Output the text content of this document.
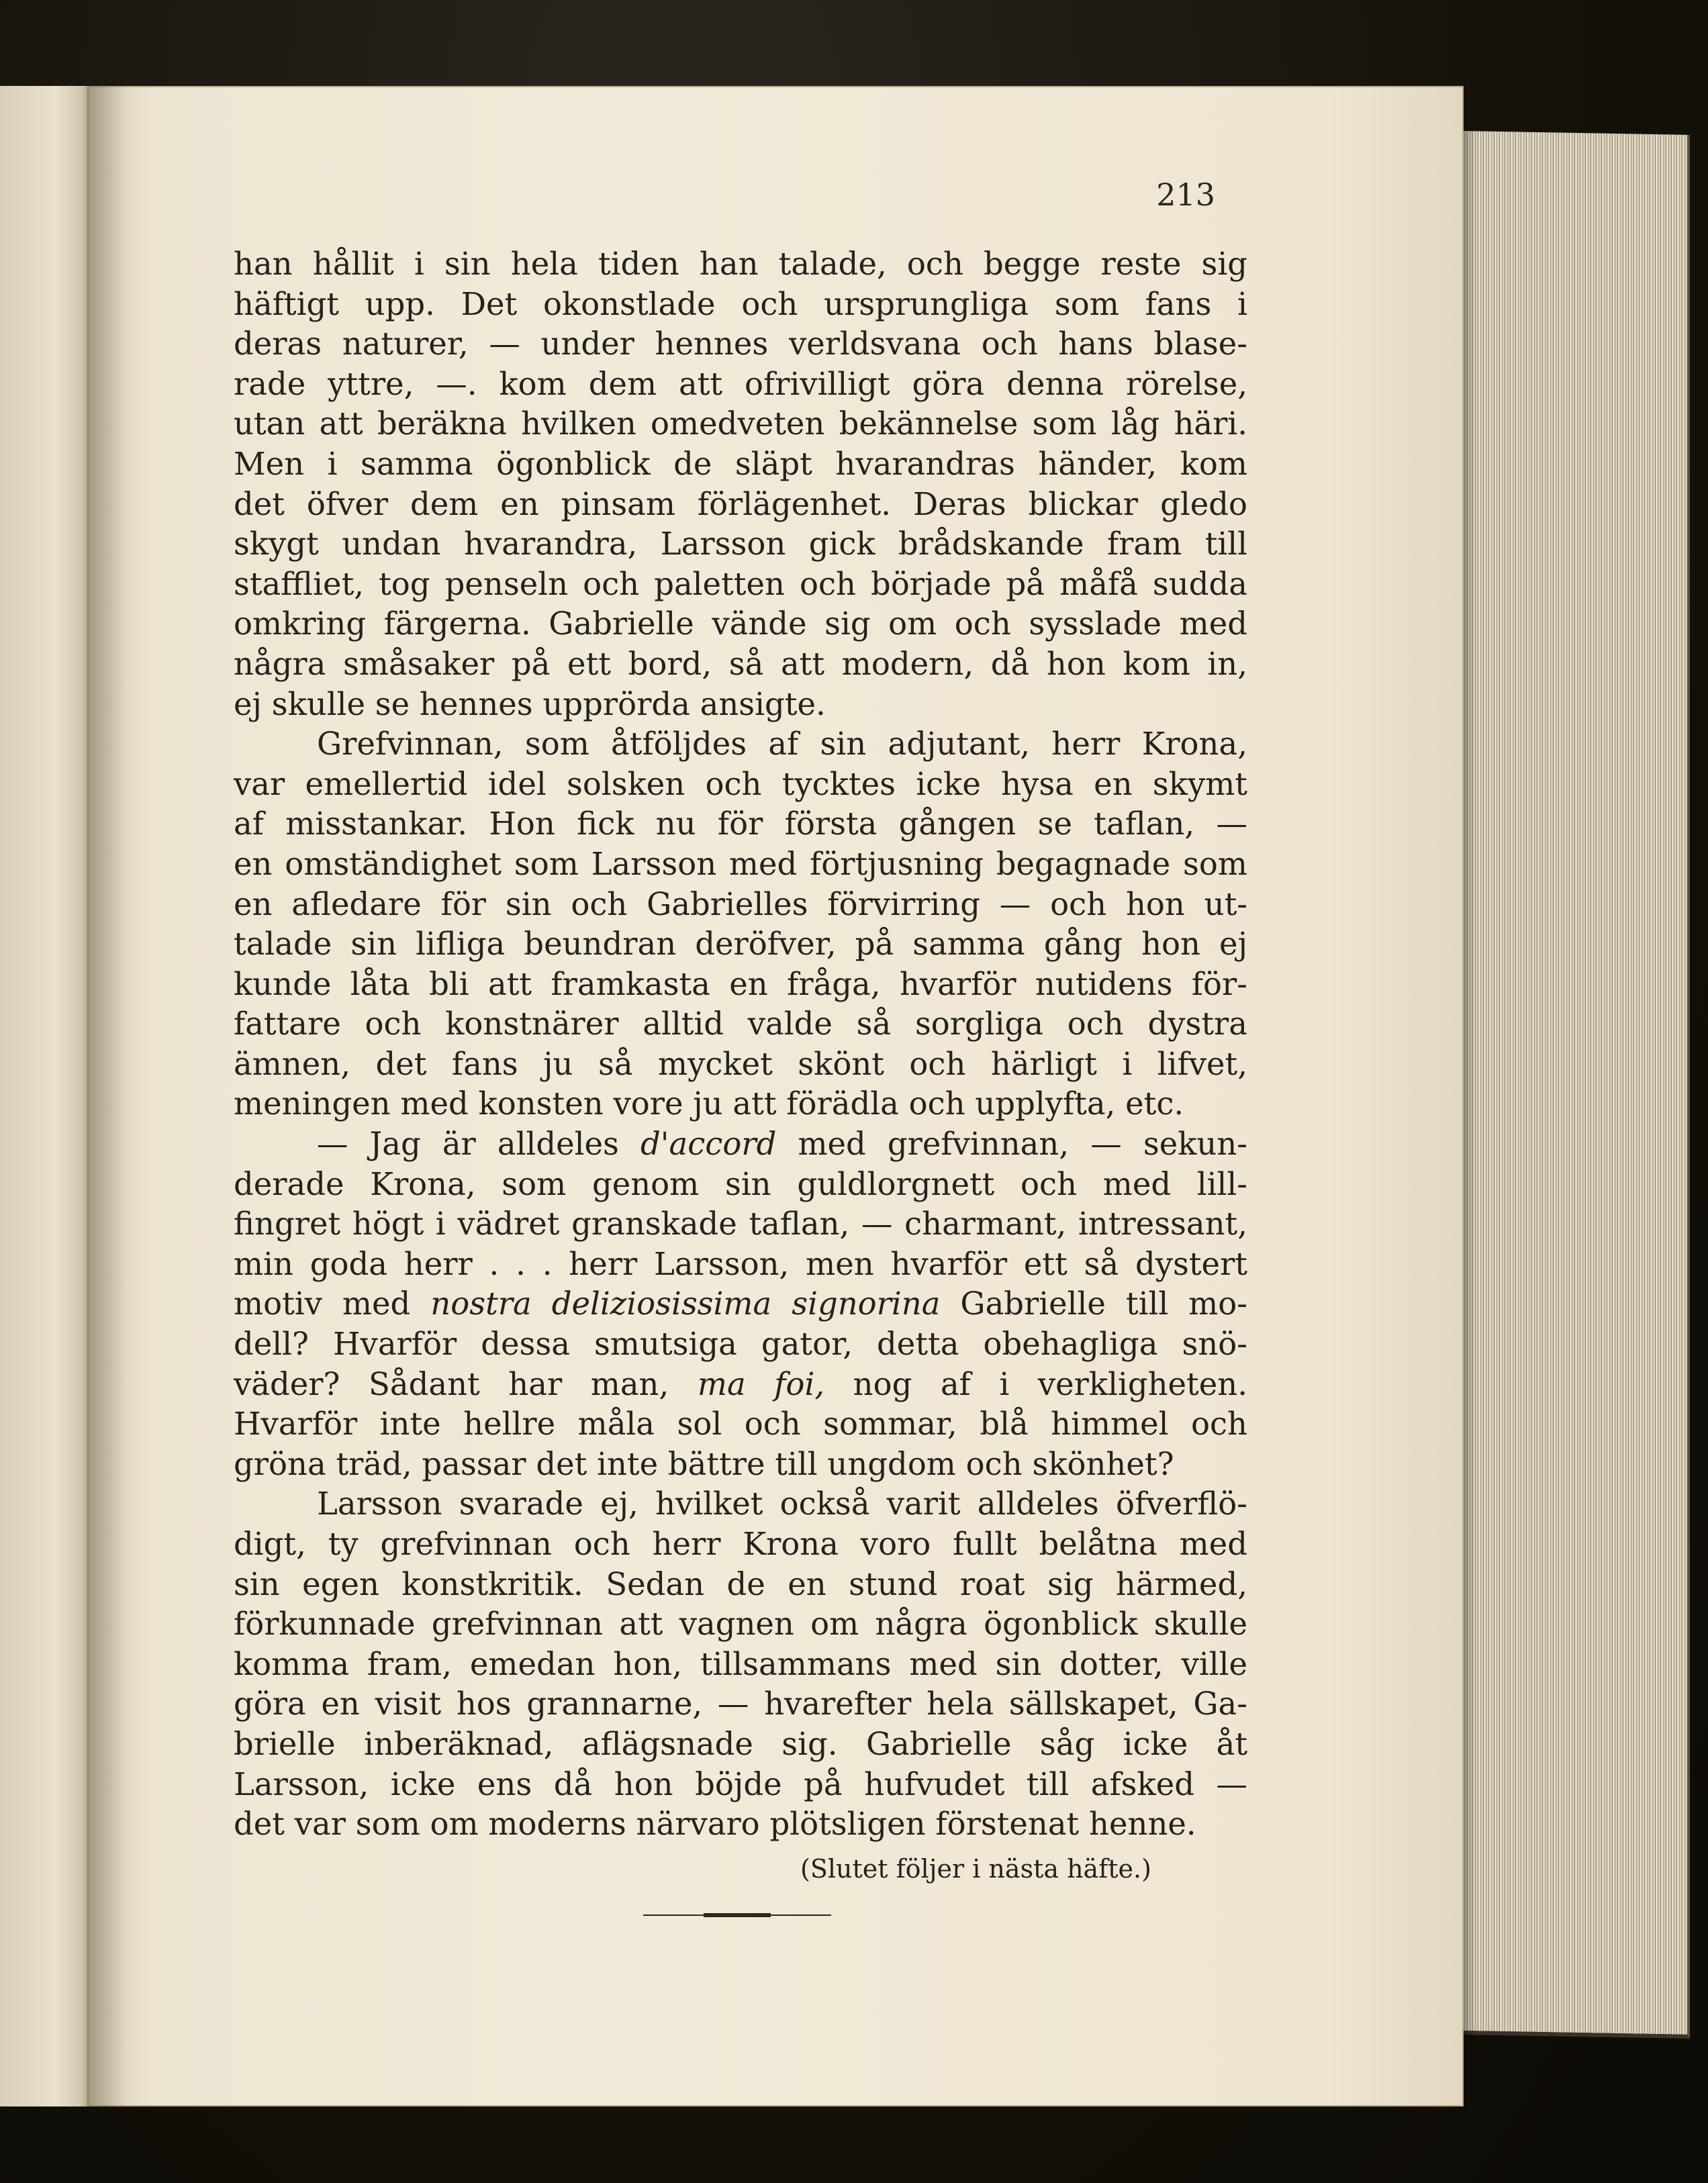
213
han hållit i sin hela tiden han talade, och begge reste sig
häftigt upp. Det okonstlade och ursprungliga som fans i
deras naturer, — under hennes verldsvana och hans blase-
rade yttre, —. kom dem att ofrivilligt göra denna rörelse,
utan att beräkna hvilken omedveten bekännelse som låg häri.
Men i samma ögonblick de släpt hvarandras händer, kom
det öfver dem en pinsam förlägenhet. Deras blickar gledo
skygt undan hvarandra, Larsson gick brådskande fram till
staffliet, tog penseln och paletten och började på måfå sudda
omkring färgerna. Gabrielle vände sig om och sysslade med
några småsaker på ett bord, så att modern, då hon kom in,
ej skulle se hennes upprörda ansigte.
Grefvinnan, som åtföljdes af sin adjutant, herr Krona,
var emellertid idel solsken och tycktes icke hysa en skymt
af misstankar. Hon fick nu för första gången se taflan, —
en omständighet som Larsson med förtjusning begagnade som
en afledare för sin och Gabrielles förvirring — och hon ut-
talade sin lifliga beundran deröfver, på samma gång hon ej
kunde låta bli att framkasta en fråga, hvarför nutidens för-
fattare och konstnärer alltid valde så sorgliga och dystra
ämnen, det fans ju så mycket skönt och härligt i lifvet,
meningen med konsten vore ju att förädla och upplyfta, etc.
— Jag är alldeles d'accord med grefvinnan, — sekun-
derade Krona, som genom sin guldlorgnett och med lill-
fingret högt i vädret granskade taflan, — charmant, intressant,
min goda herr . . . herr Larsson, men hvarför ett så dystert
motiv med nostra deliziosissima signorina Gabrielle till mo-
dell? Hvarför dessa smutsiga gator, detta obehagliga snö-
väder? Sådant har man, ma foi, nog af i verkligheten.
Hvarför inte hellre måla sol och sommar, blå himmel och
gröna träd, passar det inte bättre till ungdom och skönhet?
Larsson svarade ej, hvilket också varit alldeles öfverflö-
digt, ty grefvinnan och herr Krona voro fullt belåtna med
sin egen konstkritik. Sedan de en stund roat sig härmed,
förkunnade grefvinnan att vagnen om några ögonblick skulle
komma fram, emedan hon, tillsammans med sin dotter, ville
göra en visit hos grannarne, — hvarefter hela sällskapet, Ga-
brielle inberäknad, aflägsnade sig. Gabrielle såg icke åt
Larsson, icke ens då hon böjde på hufvudet till afsked —
det var som om moderns närvaro plötsligen förstenat henne.
(Slutet följer i nästa häfte.)
